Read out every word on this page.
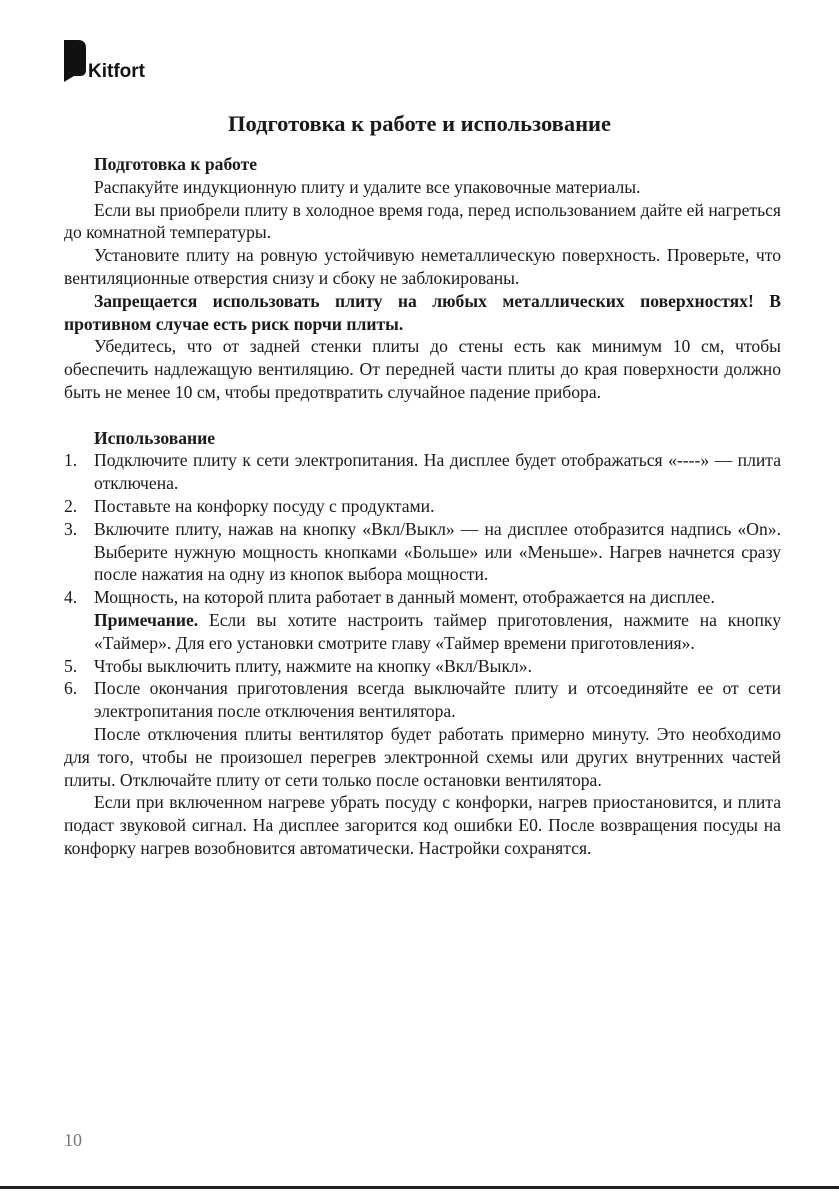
Kitfort
Подготовка к работе и использование

Подготовка к работе

Распакуйте индукционную плиту и удалите все упаковочные материалы.

Если вы приобрели плиту в холодное время года, перед использованием дайте ей нагреться до комнатной температуры.

Установите плиту на ровную устойчивую неметаллическую поверхность. Проверьте, что вентиляционные отверстия снизу и сбоку не заблокированы.

Запрещается использовать плиту на любых металлических поверхностях! В противном случае есть риск порчи плиты.

Убедитесь, что от задней стенки плиты до стены есть как минимум 10 см, чтобы обеспечить надлежащую вентиляцию. От передней части плиты до края поверхности должно быть не менее 10 см, чтобы предотвратить случайное падение прибора.

Использование

1. Подключите плиту к сети электропитания. На дисплее будет отображаться «----» — плита отключена.
2. Поставьте на конфорку посуду с продуктами.
3. Включите плиту, нажав на кнопку «Вкл/Выкл» — на дисплее отобразится надпись «On». Выберите нужную мощность кнопками «Больше» или «Меньше». Нагрев начнется сразу после нажатия на одну из кнопок выбора мощности.
4. Мощность, на которой плита работает в данный момент, отображается на дисплее.

Примечание. Если вы хотите настроить таймер приготовления, нажмите на кнопку «Таймер». Для его установки смотрите главу «Таймер времени приготовления».

5. Чтобы выключить плиту, нажмите на кнопку «Вкл/Выкл».
6. После окончания приготовления всегда выключайте плиту и отсоединяйте ее от сети электропитания после отключения вентилятора.

После отключения плиты вентилятор будет работать примерно минуту. Это необходимо для того, чтобы не произошел перегрев электронной схемы или других внутренних частей плиты. Отключайте плиту от сети только после остановки вентилятора.

Если при включенном нагреве убрать посуду с конфорки, нагрев приостановится, и плита подаст звуковой сигнал. На дисплее загорится код ошибки E0. После возвращения посуды на конфорку нагрев возобновится автоматически. Настройки сохранятся.

10
